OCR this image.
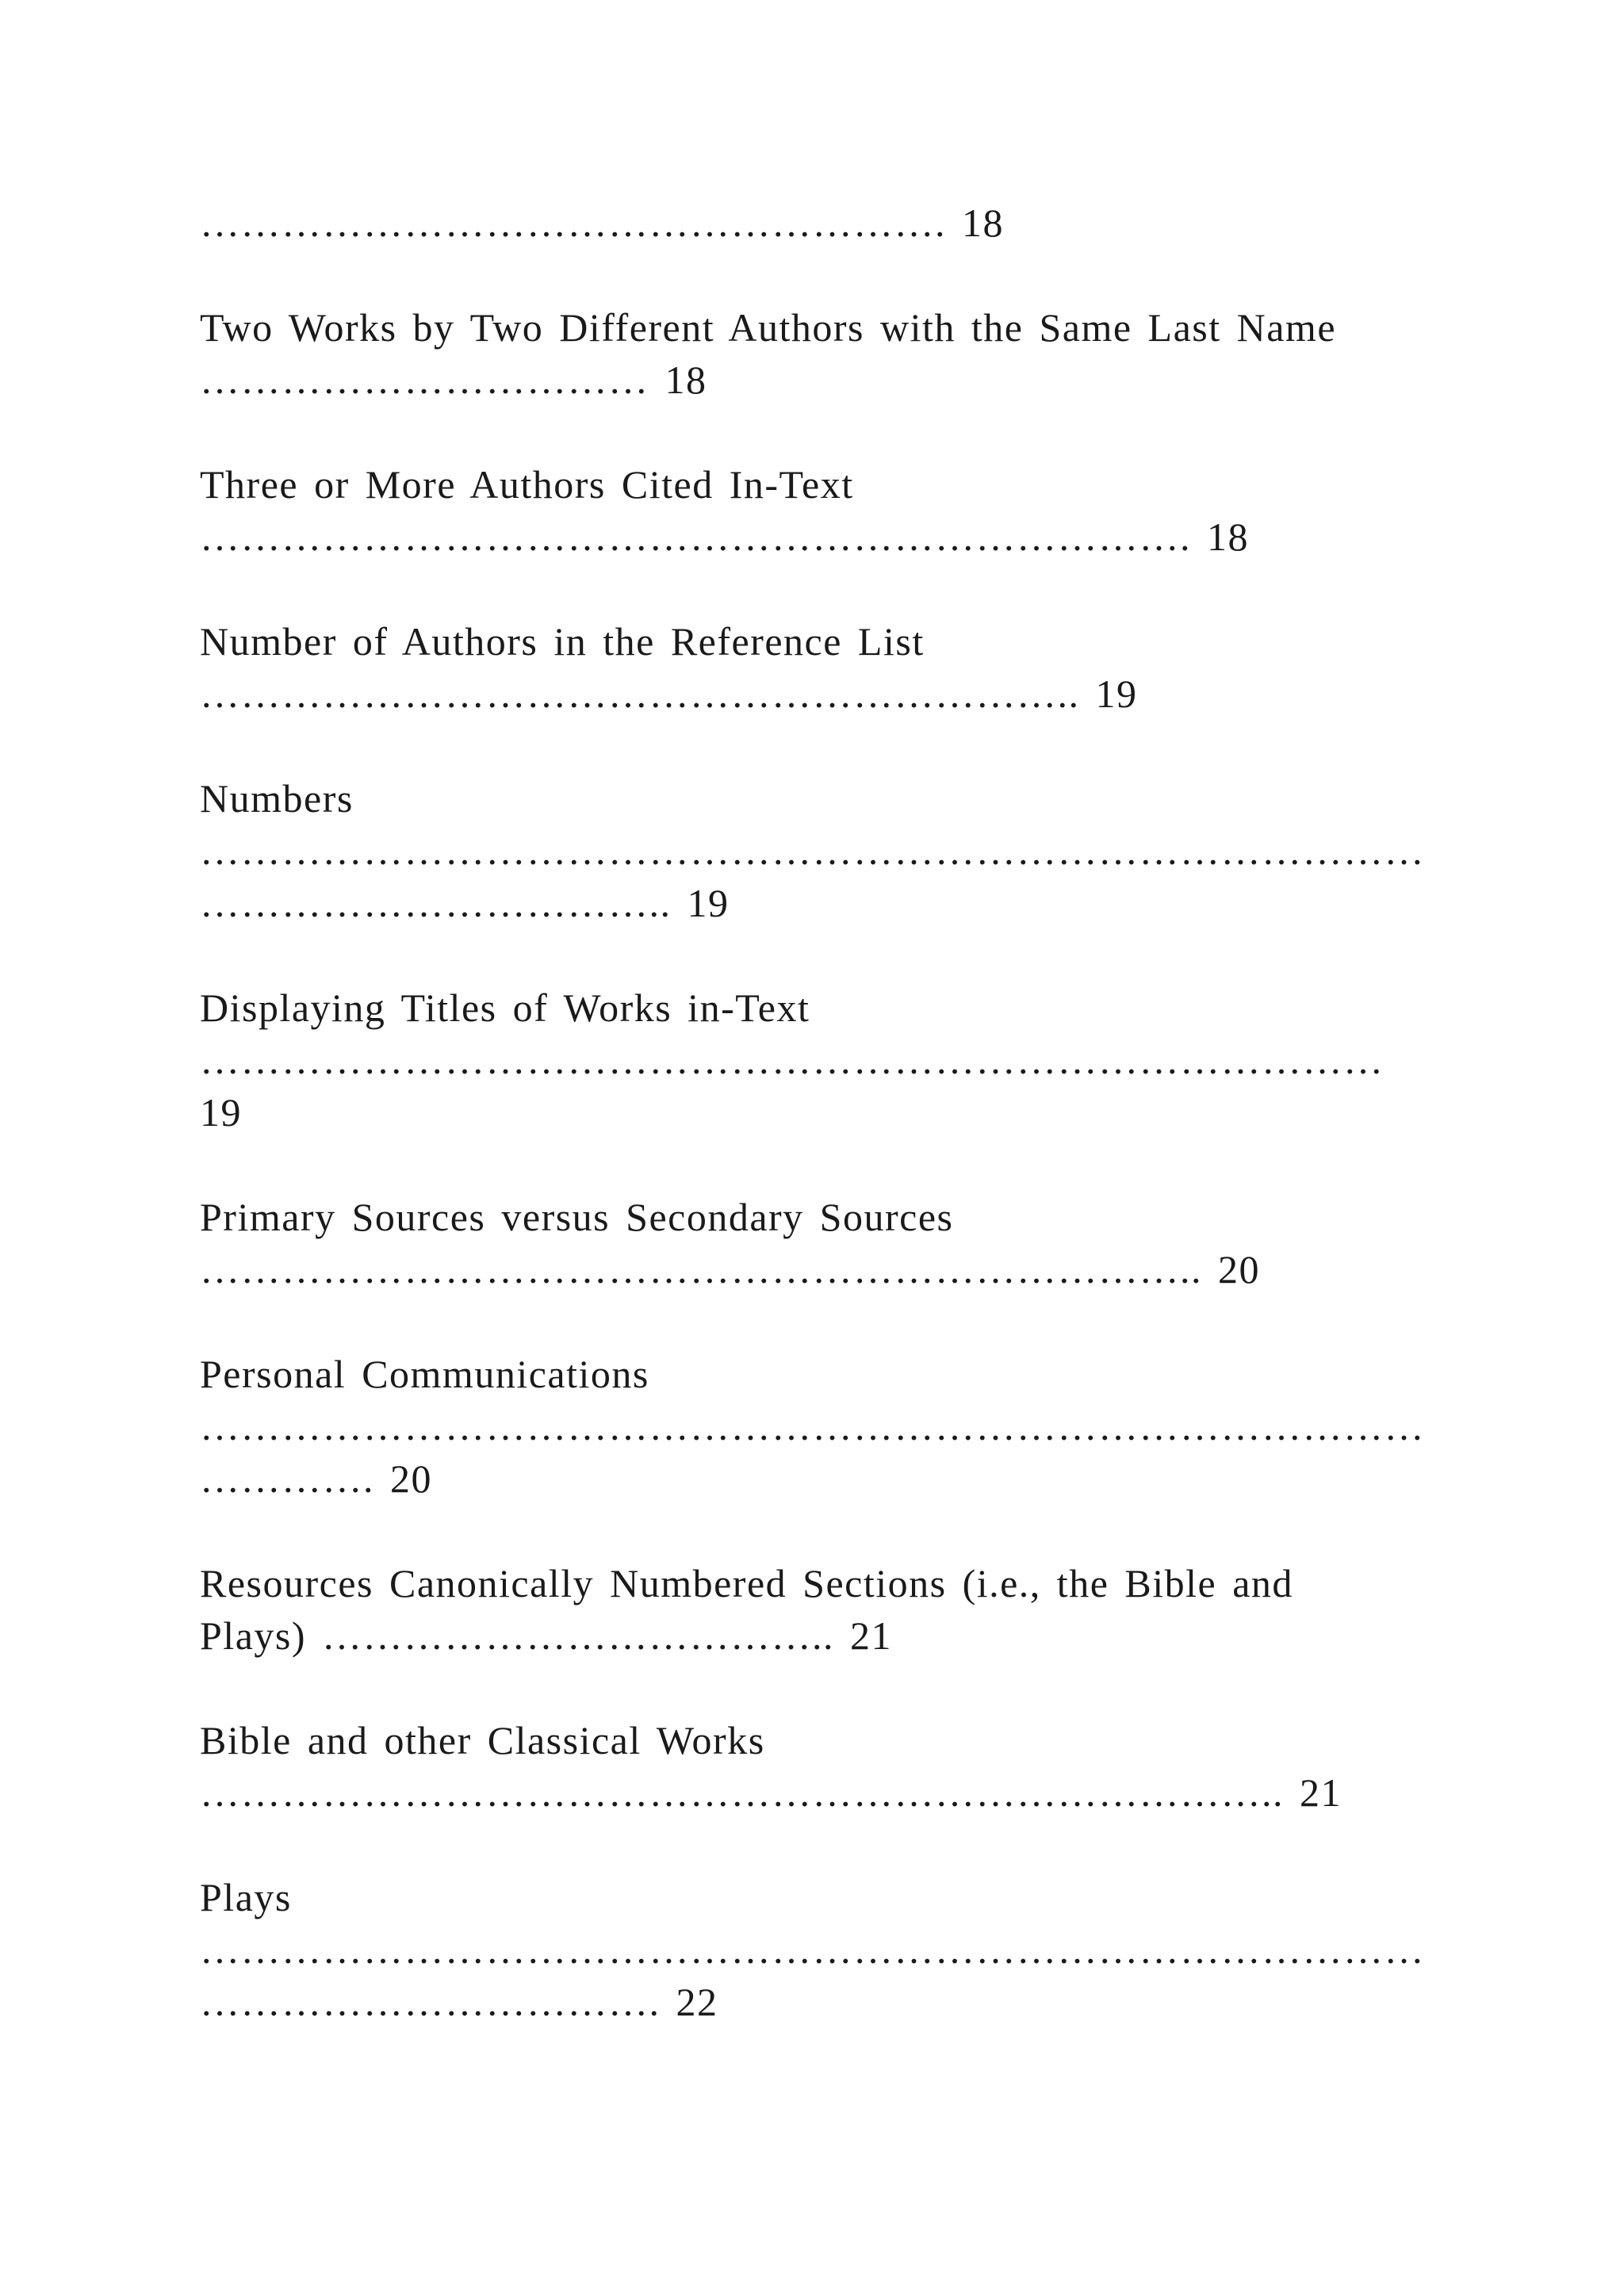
………………………………………………. 18

Two Works by Two Different Authors with the Same Last Name
…………………………… 18

Three or More Authors Cited In-Text
………………………………………………………………. 18

Number of Authors in the Reference List
……………………………………………………….. 19

Numbers
………………………………………………………………………………
…………………………….. 19

Displaying Titles of Works in-Text
……………………………………………………………………………
19

Primary Sources versus Secondary Sources
……………………………………………………………….. 20

Personal Communications
………………………………………………………………………………
…………. 20

Resources Canonically Numbered Sections (i.e., the Bible and
Plays) ……………………………….. 21

Bible and other Classical Works
…………………………………………………………………….. 21

Plays
………………………………………………………………………………
……………………………. 22
